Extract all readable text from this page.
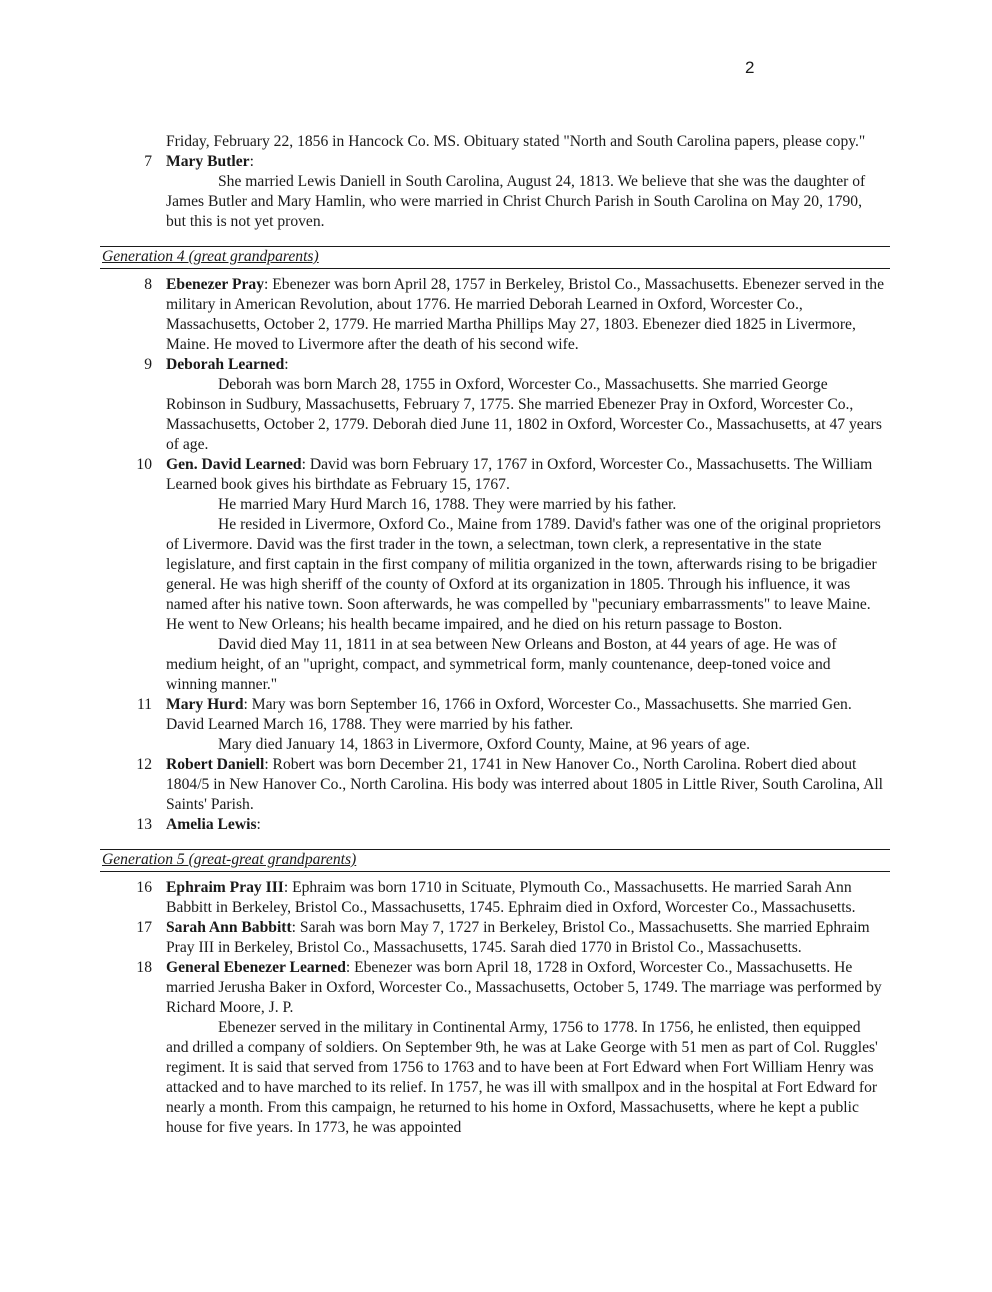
2

Friday, February 22, 1856 in Hancock Co. MS. Obituary stated "North and South Carolina papers, please copy."

7 Mary Butler:

She married Lewis Daniell in South Carolina, August 24, 1813. We believe that she was the daughter of James Butler and Mary Hamlin, who were married in Christ Church Parish in South Carolina on May 20, 1790, but this is not yet proven.

Generation 4 (great grandparents)
8 Ebenezer Pray: Ebenezer was born April 28, 1757 in Berkeley, Bristol Co., Massachusetts. Ebenezer served in the military in American Revolution, about 1776. He married Deborah Learned in Oxford, Worcester Co., Massachusetts, October 2, 1779. He married Martha Phillips May 27, 1803. Ebenezer died 1825 in Livermore, Maine. He moved to Livermore after the death of his second wife.

9 Deborah Learned:

Deborah was born March 28, 1755 in Oxford, Worcester Co., Massachusetts. She married George Robinson in Sudbury, Massachusetts, February 7, 1775. She married Ebenezer Pray in Oxford, Worcester Co., Massachusetts, October 2, 1779. Deborah died June 11, 1802 in Oxford, Worcester Co., Massachusetts, at 47 years of age.

10 Gen. David Learned: David was born February 17, 1767 in Oxford, Worcester Co., Massachusetts. The William Learned book gives his birthdate as February 15, 1767.

He married Mary Hurd March 16, 1788. They were married by his father.

He resided in Livermore, Oxford Co., Maine from 1789. David's father was one of the original proprietors of Livermore. David was the first trader in the town, a selectman, town clerk, a representative in the state legislature, and first captain in the first company of militia organized in the town, afterwards rising to be brigadier general. He was high sheriff of the county of Oxford at its organization in 1805. Through his influence, it was named after his native town. Soon afterwards, he was compelled by "pecuniary embarrassments" to leave Maine. He went to New Orleans; his health became impaired, and he died on his return passage to Boston.

David died May 11, 1811 in at sea between New Orleans and Boston, at 44 years of age. He was of medium height, of an "upright, compact, and symmetrical form, manly countenance, deep-toned voice and winning manner."

11 Mary Hurd: Mary was born September 16, 1766 in Oxford, Worcester Co., Massachusetts. She married Gen. David Learned March 16, 1788. They were married by his father.

Mary died January 14, 1863 in Livermore, Oxford County, Maine, at 96 years of age.

12 Robert Daniell: Robert was born December 21, 1741 in New Hanover Co., North Carolina. Robert died about 1804/5 in New Hanover Co., North Carolina. His body was interred about 1805 in Little River, South Carolina, All Saints' Parish.

13 Amelia Lewis:

Generation 5 (great-great grandparents)
16 Ephraim Pray III: Ephraim was born 1710 in Scituate, Plymouth Co., Massachusetts. He married Sarah Ann Babbitt in Berkeley, Bristol Co., Massachusetts, 1745. Ephraim died in Oxford, Worcester Co., Massachusetts.

17 Sarah Ann Babbitt: Sarah was born May 7, 1727 in Berkeley, Bristol Co., Massachusetts. She married Ephraim Pray III in Berkeley, Bristol Co., Massachusetts, 1745. Sarah died 1770 in Bristol Co., Massachusetts.

18 General Ebenezer Learned: Ebenezer was born April 18, 1728 in Oxford, Worcester Co., Massachusetts. He married Jerusha Baker in Oxford, Worcester Co., Massachusetts, October 5, 1749. The marriage was performed by Richard Moore, J. P.

Ebenezer served in the military in Continental Army, 1756 to 1778. In 1756, he enlisted, then equipped and drilled a company of soldiers. On September 9th, he was at Lake George with 51 men as part of Col. Ruggles' regiment. It is said that served from 1756 to 1763 and to have been at Fort Edward when Fort William Henry was attacked and to have marched to its relief. In 1757, he was ill with smallpox and in the hospital at Fort Edward for nearly a month. From this campaign, he returned to his home in Oxford, Massachusetts, where he kept a public house for five years. In 1773, he was appointed
